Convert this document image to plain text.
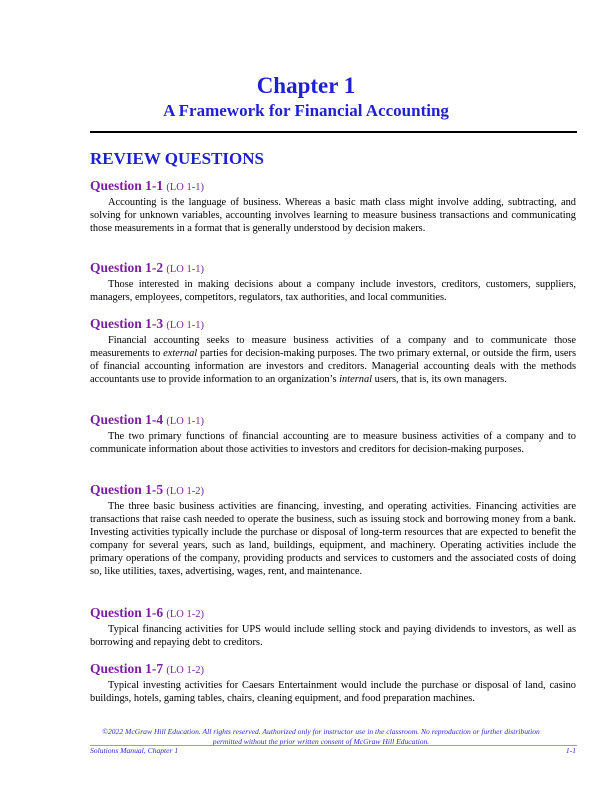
Chapter 1
A Framework for Financial Accounting
REVIEW QUESTIONS
Question 1-1 (LO 1-1)

Accounting is the language of business. Whereas a basic math class might involve adding, subtracting, and solving for unknown variables, accounting involves learning to measure business transactions and communicating those measurements in a format that is generally understood by decision makers.

Question 1-2 (LO 1-1)

Those interested in making decisions about a company include investors, creditors, customers, suppliers, managers, employees, competitors, regulators, tax authorities, and local communities.

Question 1-3 (LO 1-1)

Financial accounting seeks to measure business activities of a company and to communicate those measurements to external parties for decision-making purposes. The two primary external, or outside the firm, users of financial accounting information are investors and creditors. Managerial accounting deals with the methods accountants use to provide information to an organization’s internal users, that is, its own managers.

Question 1-4 (LO 1-1)

The two primary functions of financial accounting are to measure business activities of a company and to communicate information about those activities to investors and creditors for decision-making purposes.

Question 1-5 (LO 1-2)

The three basic business activities are financing, investing, and operating activities. Financing activities are transactions that raise cash needed to operate the business, such as issuing stock and borrowing money from a bank. Investing activities typically include the purchase or disposal of long-term resources that are expected to benefit the company for several years, such as land, buildings, equipment, and machinery. Operating activities include the primary operations of the company, providing products and services to customers and the associated costs of doing so, like utilities, taxes, advertising, wages, rent, and maintenance.

Question 1-6 (LO 1-2)

Typical financing activities for UPS would include selling stock and paying dividends to investors, as well as borrowing and repaying debt to creditors.

Question 1-7 (LO 1-2)

Typical investing activities for Caesars Entertainment would include the purchase or disposal of land, casino buildings, hotels, gaming tables, chairs, cleaning equipment, and food preparation machines.

©2022 McGraw Hill Education. All rights reserved. Authorized only for instructor use in the classroom. No reproduction or further distribution
permitted without the prior written consent of McGraw Hill Education.
Solutions Manual, Chapter 1	1-1
